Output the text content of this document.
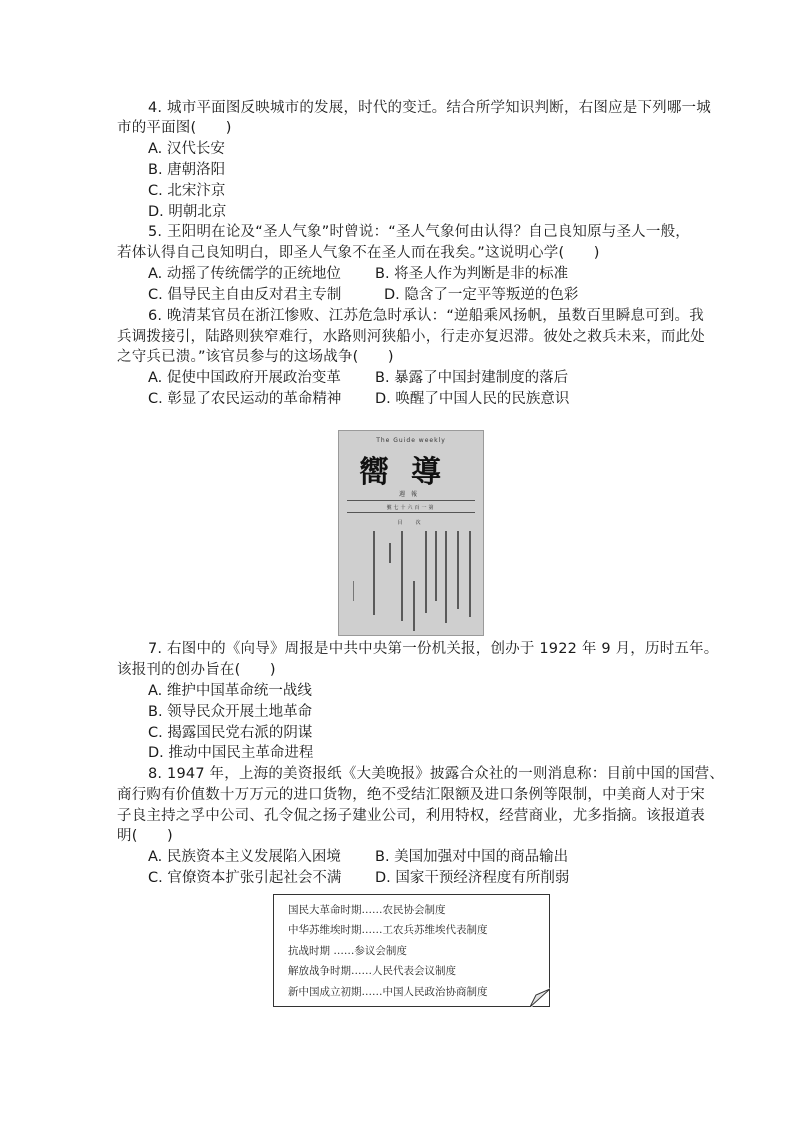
4. 城市平面图反映城市的发展，时代的变迁。结合所学知识判断，右图应是下列哪一城
市的平面图(　　)
A. 汉代长安
B. 唐朝洛阳
C. 北宋汴京
D. 明朝北京
5. 王阳明在论及“圣人气象”时曾说：“圣人气象何由认得？自己良知原与圣人一般，
若体认得自己良知明白，即圣人气象不在圣人而在我矣。”这说明心学(　　)
A. 动摇了传统儒学的正统地位 B. 将圣人作为判断是非的标准
C. 倡导民主自由反对君主专制	D. 隐含了一定平等叛逆的色彩
6. 晚清某官员在浙江惨败、江苏危急时承认：“逆船乘风扬帆，虽数百里瞬息可到。我
兵调拨接引，陆路则狭窄难行，水路则河狭船小，行走亦复迟滞。彼处之救兵未来，而此处
之守兵已溃。”该官员参与的这场战争(　　)
A. 促使中国政府开展政治变革 B. 暴露了中国封建制度的落后
C. 彰显了农民运动的革命精神 D. 唤醒了中国人民的民族意识
The Guide weekly
嚮導
週報
號七十六百一第
目　次
7. 右图中的《向导》周报是中共中央第一份机关报，创办于 1922 年 9 月，历时五年。
该报刊的创办旨在(　　)
A. 维护中国革命统一战线
B. 领导民众开展土地革命
C. 揭露国民党右派的阴谋
D. 推动中国民主革命进程
8. 1947 年，上海的美资报纸《大美晚报》披露合众社的一则消息称：目前中国的国营、
商行购有价值数十万万元的进口货物，绝不受结汇限额及进口条例等限制，中美商人对于宋
子良主持之孚中公司、孔令侃之扬子建业公司，利用特权，经营商业，尤多指摘。该报道表
明(　　)
A. 民族资本主义发展陷入困境 B. 美国加强对中国的商品输出
C. 官僚资本扩张引起社会不满 D. 国家干预经济程度有所削弱
国民大革命时期……农民协会制度
中华苏维埃时期……工农兵苏维埃代表制度
抗战时期 ……参议会制度
解放战争时期……人民代表会议制度
新中国成立初期……中国人民政治协商制度
